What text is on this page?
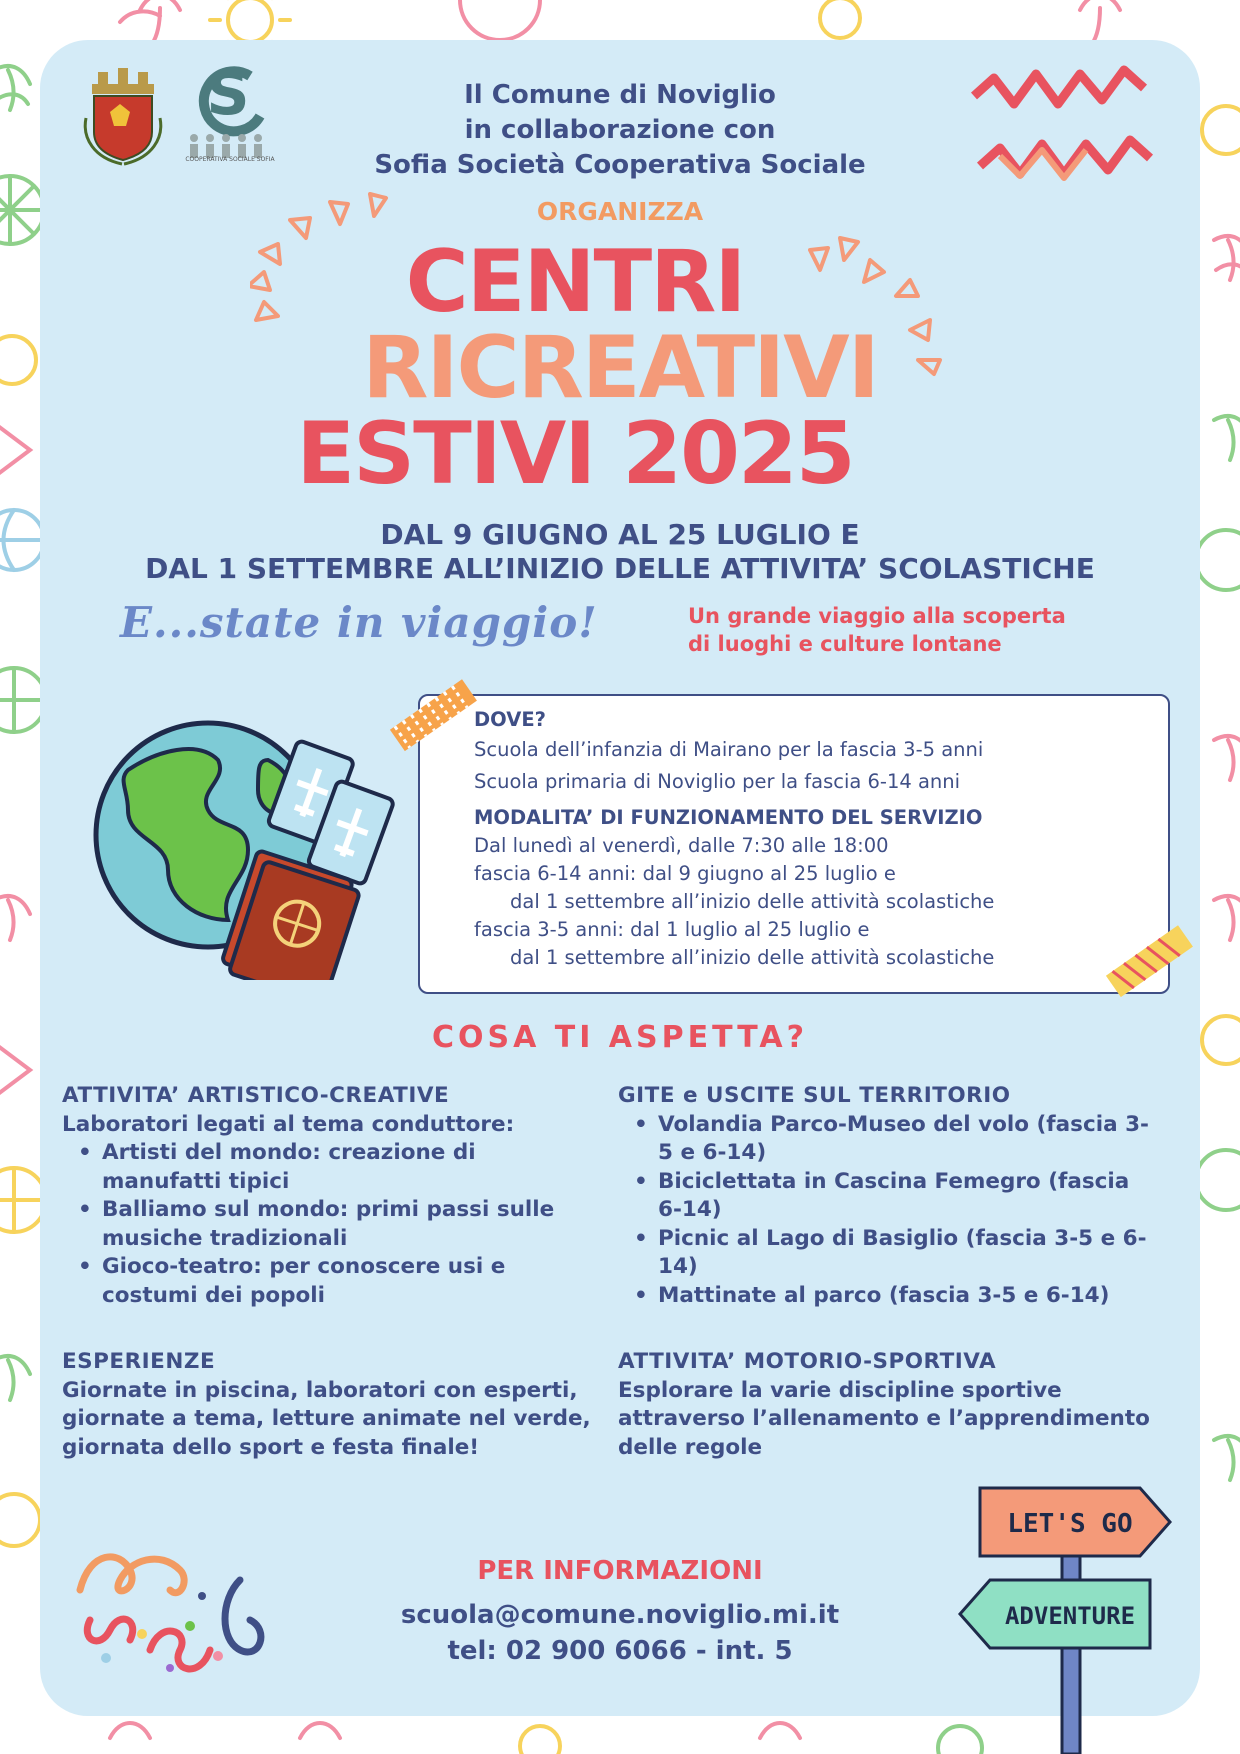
S
COOPERATIVA SOCIALE SOFIA
Il Comune di Noviglio
in collaborazione con
Sofia Società Cooperativa Sociale
ORGANIZZA
CENTRI
RICREATIVI
ESTIVI 2025
DAL 9 GIUGNO AL 25 LUGLIO E
DAL 1 SETTEMBRE ALL’INIZIO DELLE ATTIVITA’ SCOLASTICHE
E...state in viaggio!	Un grande viaggio alla scoperta
di luoghi e culture lontane
DOVE?
Scuola dell’infanzia di Mairano per la fascia 3-5 anni
Scuola primaria di Noviglio per la fascia 6-14 anni
MODALITA’ DI FUNZIONAMENTO DEL SERVIZIO
Dal lunedì al venerdì, dalle 7:30 alle 18:00
fascia 6-14 anni: dal 9 giugno al 25 luglio e
dal 1 settembre all’inizio delle attività scolastiche
fascia 3-5 anni: dal 1 luglio al 25 luglio e
dal 1 settembre all’inizio delle attività scolastiche
COSA TI ASPETTA?
ATTIVITA’ ARTISTICO-CREATIVE
Laboratori legati al tema conduttore:
• Artisti del mondo: creazione di manufatti tipici
• Balliamo sul mondo: primi passi sulle musiche tradizionali
• Gioco-teatro: per conoscere usi e costumi dei popoli
GITE e USCITE SUL TERRITORIO
• Volandia Parco-Museo del volo (fascia 3-5 e 6-14)
• Biciclettata in Cascina Femegro (fascia 6-14)
• Picnic al Lago di Basiglio (fascia 3-5 e 6-14)
• Mattinate al parco (fascia 3-5 e 6-14)
ESPERIENZE
Giornate in piscina, laboratori con esperti, giornate a tema, letture animate nel verde, giornata dello sport e festa finale!
ATTIVITA’ MOTORIO-SPORTIVA
Esplorare la varie discipline sportive attraverso l’allenamento e l’apprendimento delle regole
PER INFORMAZIONI
scuola@comune.noviglio.mi.it
tel: 02 900 6066 - int. 5
LET'S GO
ADVENTURE
